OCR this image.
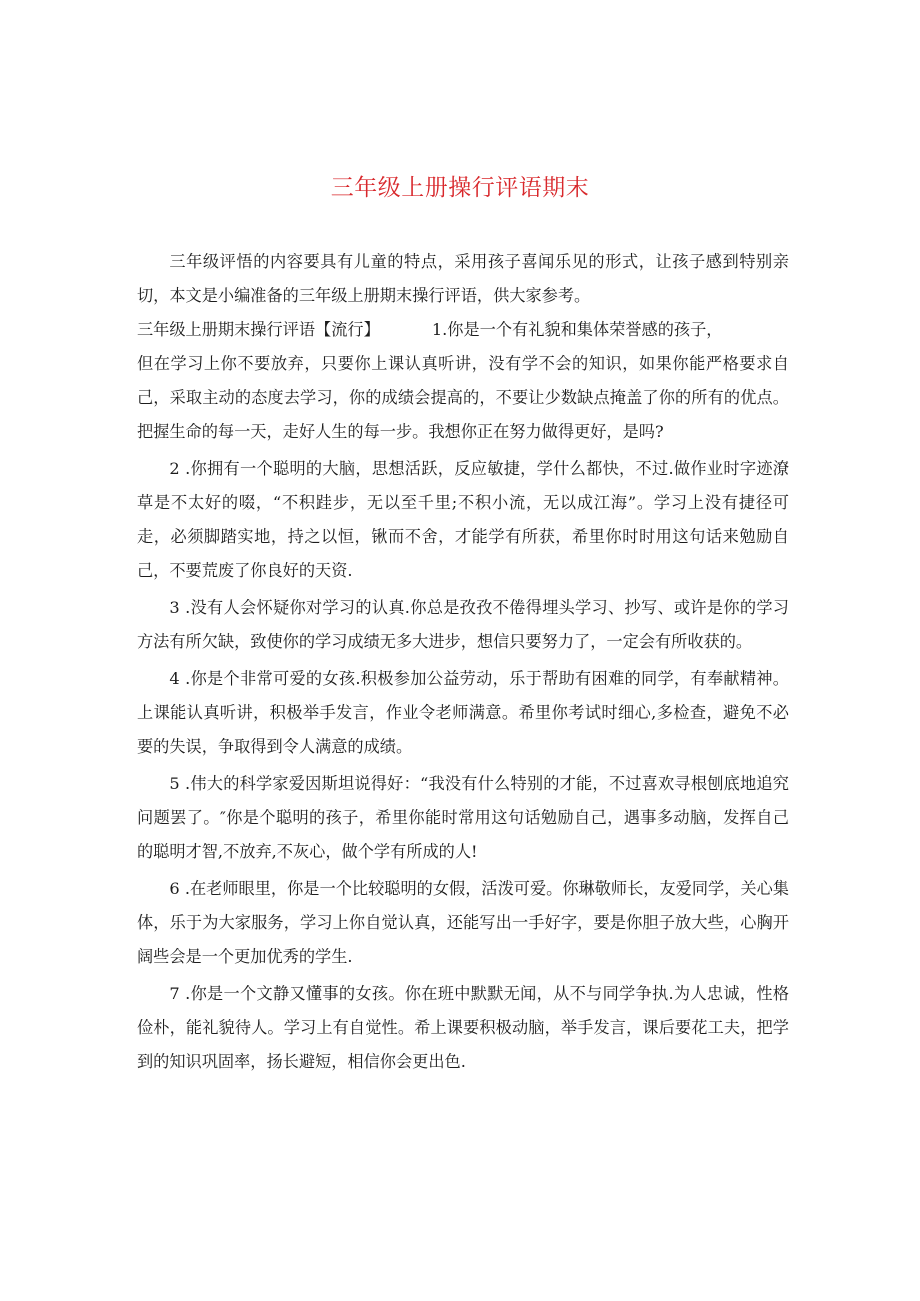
三年级上册操行评语期末

三年级评悟的内容要具有儿童的特点，采用孩子喜闻乐见的形式，让孩子感到特别亲切，本文是小编准备的三年级上册期末操行评语，供大家参考。

三年级上册期末操行评语【流行】	1.你是一个有礼貌和集体荣誉感的孩子，

但在学习上你不要放弃，只要你上课认真听讲，没有学不会的知识，如果你能严格要求自己，采取主动的态度去学习，你的成绩会提高的，不要让少数缺点掩盖了你的所有的优点。把握生命的每一天，走好人生的每一步。我想你正在努力做得更好，是吗?

2 .你拥有一个聪明的大脑，思想活跃，反应敏捷，学什么都快，不过.做作业时字迹潦草是不太好的啜，“不积跬步，无以至千里;不积小流，无以成江海”。学习上没有捷径可走，必须脚踏实地，持之以恒，锹而不舍，才能学有所获，希里你时时用这句话来勉励自己，不要荒废了你良好的天资.

3 .没有人会怀疑你对学习的认真.你总是孜孜不倦得埋头学习、抄写、或许是你的学习方法有所欠缺，致使你的学习成绩无多大进步，想信只要努力了，一定会有所收获的。

4 .你是个非常可爱的女孩.积极参加公益劳动，乐于帮助有困难的同学，有奉献精神。上课能认真听讲，积极举手发言，作业令老师满意。希里你考试时细心,多检查，避免不必要的失误，争取得到令人满意的成绩。

5 .伟大的科学家爱因斯坦说得好：“我没有什么特别的才能，不过喜欢寻根刨底地追究问题罢了。″你是个聪明的孩子，希里你能时常用这句话勉励自己，遇事多动脑，发挥自己的聪明才智,不放弃,不灰心，做个学有所成的人!

6 .在老师眼里，你是一个比较聪明的女假，活泼可爱。你琳敬师长，友爱同学，关心集体，乐于为大家服务，学习上你自觉认真，还能写出一手好字，要是你胆子放大些，心胸开阔些会是一个更加优秀的学生.

7 .你是一个文静又懂事的女孩。你在班中默默无闻，从不与同学争执.为人忠诚，性格俭朴，能礼貌待人。学习上有自觉性。希上课要积极动脑，举手发言，课后要花工夫，把学到的知识巩固率，扬长避短，相信你会更出色.
